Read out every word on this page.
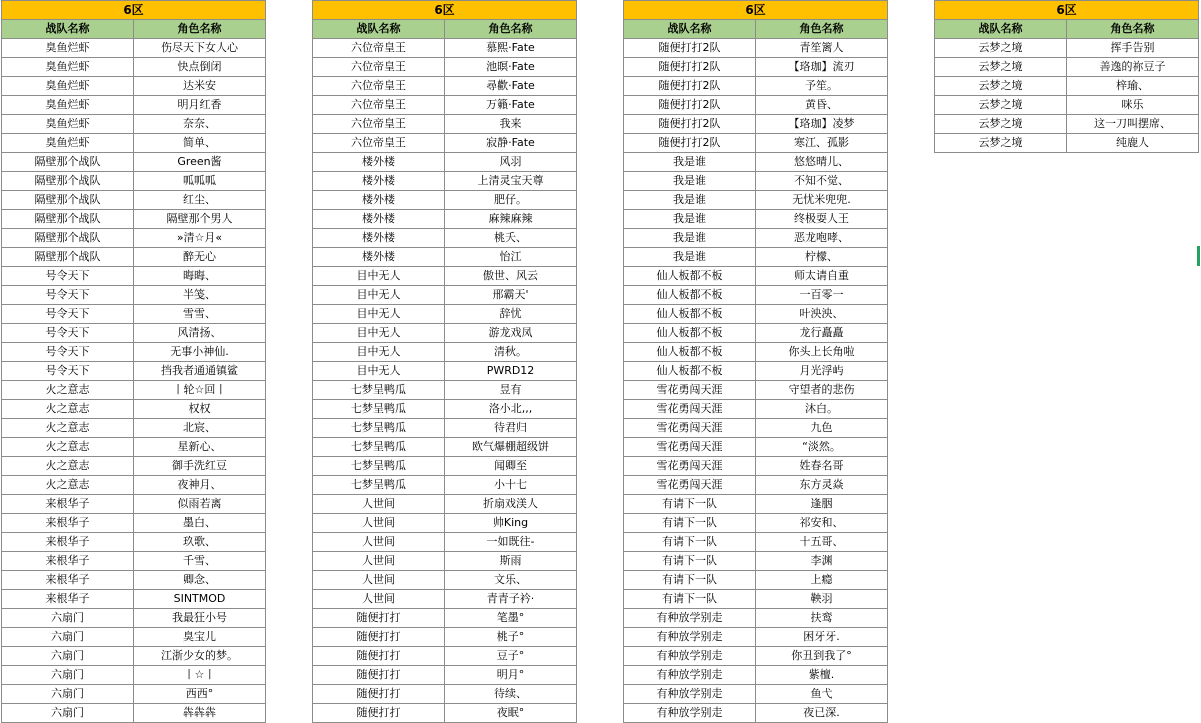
6区	
战队名称	角色名称
臭鱼烂虾	伤尽天下女人心
臭鱼烂虾	快点倒闭
臭鱼烂虾	达米安
臭鱼烂虾	明月红香
臭鱼烂虾	奈奈、
臭鱼烂虾	简单、
隔壁那个战队	Green酱
隔壁那个战队	呱呱呱
隔壁那个战队	红尘、
隔壁那个战队	隔壁那个男人
隔壁那个战队	»清☆月«
隔壁那个战队	醉无心
号令天下	晦晦、
号令天下	半笺、
号令天下	雪雪、
号令天下	风清扬、
号令天下	无事小神仙.
号令天下	挡我者通通镇鲨
火之意志	丨轮☆回丨
火之意志	权权
火之意志	北宸、
火之意志	星新心、
火之意志	御手洗红豆
火之意志	夜神月、
来根华子	似雨若离
来根华子	墨白、
来根华子	玖歌、
来根华子	千雪、
来根华子	卿念、
来根华子	SINTMOD
六扇门	我最狂小号
六扇门	臭宝儿
六扇门	江浙少女的梦。
六扇门	丨☆丨
六扇门	西西°
六扇门	犇犇犇
6区	
战队名称	角色名称
六位帝皇王	慕熙·Fate
六位帝皇王	池暝·Fate
六位帝皇王	尋歡·Fate
六位帝皇王	万籟·Fate
六位帝皇王	我来
六位帝皇王	寂静·Fate
楼外楼	风羽
楼外楼	上清灵宝天尊
楼外楼	肥仔。
楼外楼	麻辣麻辣
楼外楼	桃夭、
楼外楼	怡江
目中无人	傲世、风云
目中无人	邢霸天'
目中无人	辞忧
目中无人	游龙戏凤
目中无人	清秋。
目中无人	PWRD12
七梦呈鸭瓜	昱有
七梦呈鸭瓜	洛小北,,,
七梦呈鸭瓜	待君归
七梦呈鸭瓜	欧气爆棚超级饼
七梦呈鸭瓜	闻卿至
七梦呈鸭瓜	小十七
人世间	折扇戏渼人
人世间	帅King
人世间	一如既往-
人世间	斯雨
人世间	文乐、
人世间	青青子衿·
随便打打	笔墨°
随便打打	桃子°
随便打打	豆子°
随便打打	明月°
随便打打	待续、
随便打打	夜眠°
6区	
战队名称	角色名称
随便打打2队	青笙篱人
随便打打2队	【珞珈】流刃
随便打打2队	予笙。
随便打打2队	黄昏、
随便打打2队	【珞珈】凌梦
随便打打2队	寒江、孤影
我是谁	悠悠晴儿、
我是谁	不知不觉、
我是谁	无忧米兜兜.
我是谁	终极耍人王
我是谁	恶龙咆哮、
我是谁	柠檬、
仙人板都不板	师太请自重
仙人板都不板	一百零一
仙人板都不板	叶泱泱、
仙人板都不板	龙行矗矗
仙人板都不板	你头上长角啦
仙人板都不板	月光浮屿
雪花勇闯天涯	守望者的悲伤
雪花勇闯天涯	沐白。
雪花勇闯天涯	九色
雪花勇闯天涯	“淡然。
雪花勇闯天涯	姓春名哥
雪花勇闯天涯	东方灵焱
有请下一队	逢胭
有请下一队	祁安和、
有请下一队	十五哥、
有请下一队	李渊
有请下一队	上瘾
有请下一队	鞅羽
有种放学别走	扶鸾
有种放学别走	困牙牙.
有种放学别走	你丑到我了°
有种放学别走	紫檀.
有种放学别走	鱼弋
有种放学别走	夜已深.
6区	
战队名称	角色名称
云梦之境	挥手告别
云梦之境	善逸的祢豆子
云梦之境	梓瑜、
云梦之境	咪乐
云梦之境	这一刀叫摆席、
云梦之境	纯鹿人
